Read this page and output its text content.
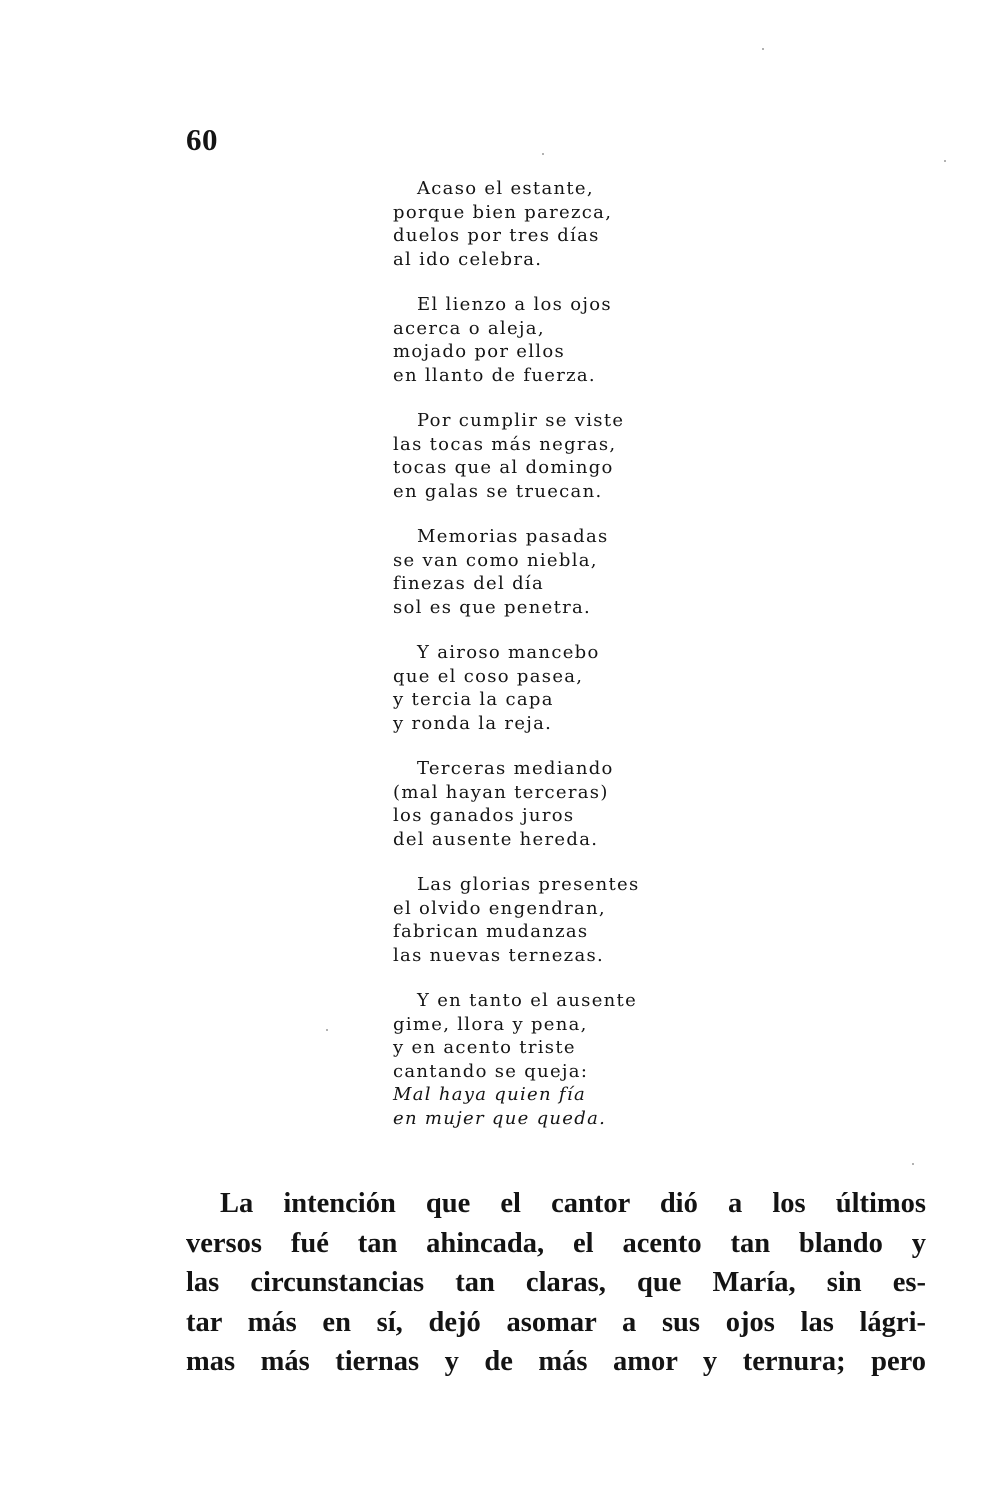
60
Acaso el estante,
porque bien parezca,
duelos por tres días
al ido celebra.
El lienzo a los ojos
acerca o aleja,
mojado por ellos
en llanto de fuerza.
Por cumplir se viste
las tocas más negras,
tocas que al domingo
en galas se truecan.
Memorias pasadas
se van como niebla,
finezas del día
sol es que penetra.
Y airoso mancebo
que el coso pasea,
y tercia la capa
y ronda la reja.
Terceras mediando
(mal hayan terceras)
los ganados juros
del ausente hereda.
Las glorias presentes
el olvido engendran,
fabrican mudanzas
las nuevas ternezas.
Y en tanto el ausente
gime, llora y pena,
y en acento triste
cantando se queja:
Mal haya quien fía
en mujer que queda.
La intención que el cantor dió a los últimos
versos fué tan ahincada, el acento tan blando y
las circunstancias tan claras, que María, sin es-
tar más en sí, dejó asomar a sus ojos las lágri-
mas más tiernas y de más amor y ternura; pero
